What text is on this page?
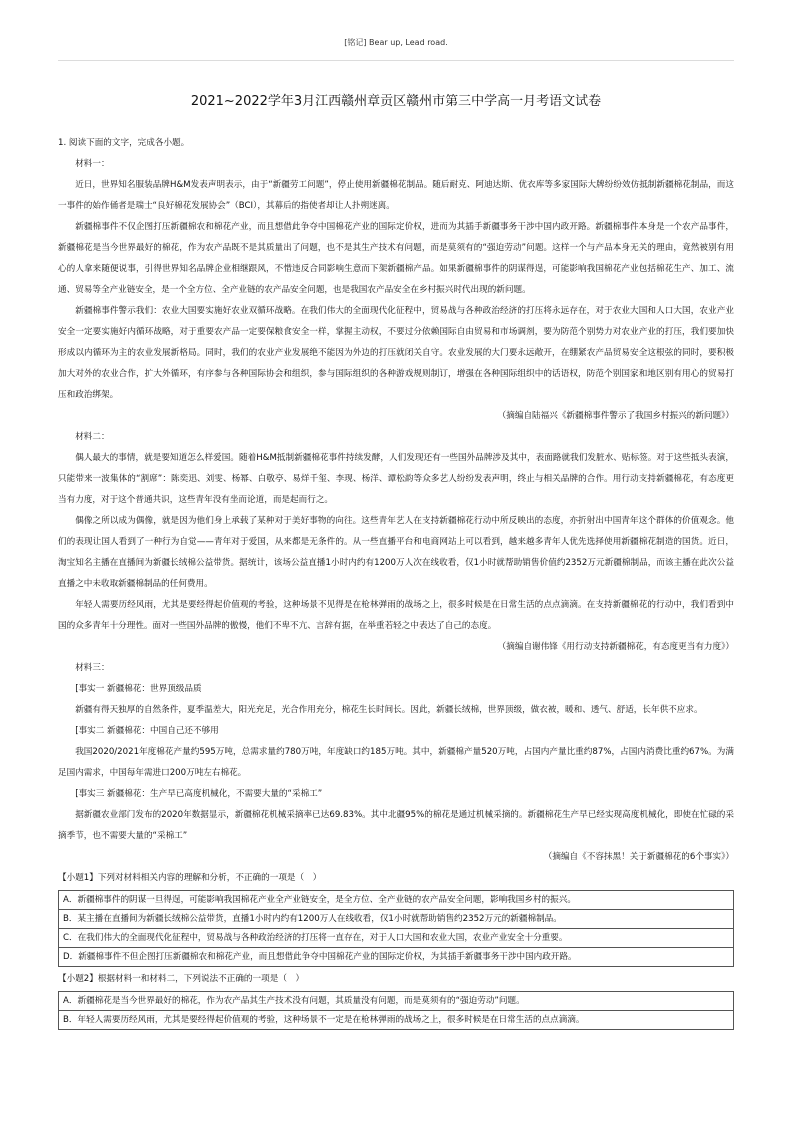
[铭记] Bear up, Lead road.
2021~2022学年3月江西赣州章贡区赣州市第三中学高一月考语文试卷

1. 阅读下面的文字，完成各小题。

材料一：

近日，世界知名服装品牌H&M发表声明表示，由于“新疆劳工问题”，停止使用新疆棉花制品。随后耐克、阿迪达斯、优衣库等多家国际大牌纷纷效仿抵制新疆棉花制品，而这一事件的始作俑者是瑞士“良好棉花发展协会”（BCI），其幕后的指使者却让人扑朔迷离。

新疆棉事件不仅企图打压新疆棉农和棉花产业，而且想借此争夺中国棉花产业的国际定价权，进而为其插手新疆事务干涉中国内政开路。新疆棉事件本身是一个农产品事件，新疆棉花是当今世界最好的棉花，作为农产品既不是其质量出了问题，也不是其生产技术有问题，而是莫须有的“强迫劳动”问题。这样一个与产品本身无关的理由，竟然被别有用心的人拿来随便说事，引得世界知名品牌企业相继跟风，不惜违反合同影响生意而下架新疆棉产品。如果新疆棉事件的阴谋得逞，可能影响我国棉花产业包括棉花生产、加工、流通、贸易等全产业链安全，是一个全方位、全产业链的农产品安全问题，也是我国农产品安全在乡村振兴时代出现的新问题。

新疆棉事件警示我们：农业大国要实施好农业双循环战略。在我们伟大的全面现代化征程中，贸易战与各种政治经济的打压将永远存在，对于农业大国和人口大国，农业产业安全一定要实施好内循环战略，对于重要农产品一定要保粮食安全一样，掌握主动权，不要过分依赖国际自由贸易和市场调剂，要为防范个别势力对农业产业的打压，我们要加快形成以内循环为主的农业发展新格局。同时，我们的农业产业发展绝不能因为外边的打压就闭关自守。农业发展的大门要永远敞开，在绷紧农产品贸易安全这根弦的同时，要积极加大对外的农业合作，扩大外循环，有序参与各种国际协会和组织，参与国际组织的各种游戏规则制订，增强在各种国际组织中的话语权，防范个别国家和地区别有用心的贸易打压和政治绑架。

（摘编自陆福兴《新疆棉事件警示了我国乡村振兴的新问题》）

材料二：

偶人最大的事情，就是要知道怎么样爱国。随着H&M抵制新疆棉花事件持续发酵，人们发现还有一些国外品牌涉及其中，表面路就我们发脏水、贴标签。对于这些抵头表演，只能带来一波集体的“割席”：陈奕迅、刘雯、杨幂、白敬亭、易烊千玺、李现、杨洋、谭松韵等众多艺人纷纷发表声明，终止与相关品牌的合作。用行动支持新疆棉花，有态度更当有力度，对于这个普通共识，这些青年没有坐而论道，而是起而行之。

偶像之所以成为偶像，就是因为他们身上承载了某种对于美好事物的向往。这些青年艺人在支持新疆棉花行动中所反映出的态度，亦折射出中国青年这个群体的价值观念。他们的表现让国人看到了一种行为自觉——青年对于爱国，从来都是无条件的。从一些直播平台和电商网站上可以看到，越来越多青年人优先选择使用新疆棉花制造的国货。近日，淘宝知名主播在直播间为新疆长绒棉公益带货。据统计，该场公益直播1小时内约有1200万人次在线收看，仅1小时就帮助销售价值约2352万元新疆棉制品，而该主播在此次公益直播之中未收取新疆棉制品的任何费用。

年轻人需要历经风雨，尤其是要经得起价值观的考验，这种场景不见得是在枪林弹雨的战场之上，很多时候是在日常生活的点点滴滴。在支持新疆棉花的行动中，我们看到中国的众多青年十分理性。面对一些国外品牌的傲慢，他们不卑不亢、言辞有据，在举重若轻之中表达了自己的态度。

（摘编自谢伟锋《用行动支持新疆棉花，有态度更当有力度》）

材料三：

[事实一 新疆棉花：世界顶级品质

新疆有得天独厚的自然条件，夏季温差大，阳光充足，光合作用充分，棉花生长时间长。因此，新疆长绒棉，世界顶级，做衣被，暖和、透气、舒适，长年供不应求。

[事实二 新疆棉花：中国自己还不够用

我国2020/2021年度棉花产量约595万吨，总需求量约780万吨，年度缺口约185万吨。其中，新疆棉产量520万吨，占国内产量比重约87%，占国内消费比重约67%。为满足国内需求，中国每年需进口200万吨左右棉花。

[事实三 新疆棉花：生产早已高度机械化，不需要大量的“采棉工”

据新疆农业部门发布的2020年数据显示，新疆棉花机械采摘率已达69.83%。其中北疆95%的棉花是通过机械采摘的。新疆棉花生产早已经实现高度机械化，即使在忙碌的采摘季节，也不需要大量的“采棉工”

（摘编自《不容抹黑！关于新疆棉花的6个事实》）

【小题1】下列对材料相关内容的理解和分析，不正确的一项是（　）

A．新疆棉事件的阴谋一旦得逞，可能影响我国棉花产业全产业链安全，是全方位、全产业链的农产品安全问题，影响我国乡村的振兴。
B．某主播在直播间为新疆长绒棉公益带货，直播1小时内约有1200万人在线收看，仅1小时就帮助销售约2352万元的新疆棉制品。
C．在我们伟大的全面现代化征程中，贸易战与各种政治经济的打压将一直存在，对于人口大国和农业大国，农业产业安全十分重要。
D．新疆棉事件不但企图打压新疆棉农和棉花产业，而且想借此争夺中国棉花产业的国际定价权，为其插手新疆事务干涉中国内政开路。

【小题2】根据材料一和材料二，下列说法不正确的一项是（　）

A．新疆棉花是当今世界最好的棉花，作为农产品其生产技术没有问题，其质量没有问题，而是莫须有的“强迫劳动”问题。
B．年轻人需要历经风雨，尤其是要经得起价值观的考验，这种场景不一定是在枪林弹雨的战场之上，很多时候是在日常生活的点点滴滴。
